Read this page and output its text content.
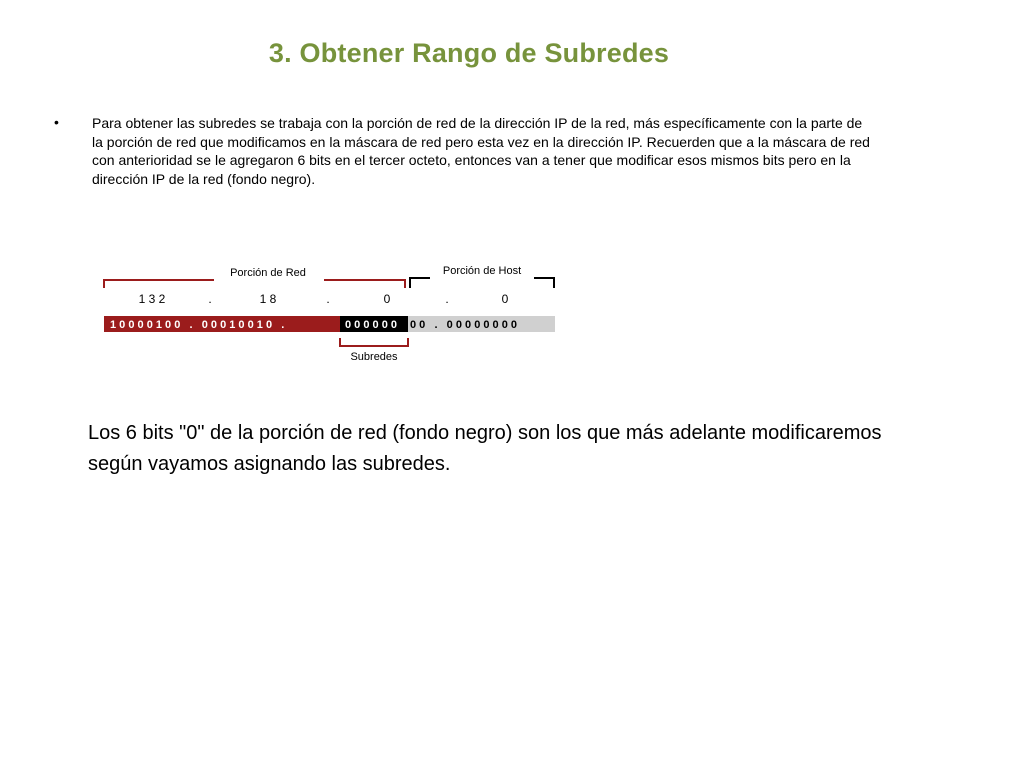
3. Obtener Rango de Subredes
• Para obtener las subredes se trabaja con la porción de red de la dirección IP de la red, más específicamente con la parte de la porción de red que modificamos en la máscara de red pero esta vez en la dirección IP. Recuerden que a la máscara de red con anterioridad se le agregaron 6 bits en el tercer octeto, entonces van a tener que modificar esos mismos bits pero en la dirección IP de la red (fondo negro).
Porción de Red	Porción de Host
1 3 2	.	1 8	.	0	.	0
1 0 0 0 0 1 0 0   .   0 0 0 1 0 0 1 0   .	0 0 0 0 0 0 0 0   .   0 0 0 0 0 0 0 0
Subredes
Los 6 bits "0" de la porción de red (fondo negro) son los que más adelante modificaremos según vayamos asignando las subredes.
